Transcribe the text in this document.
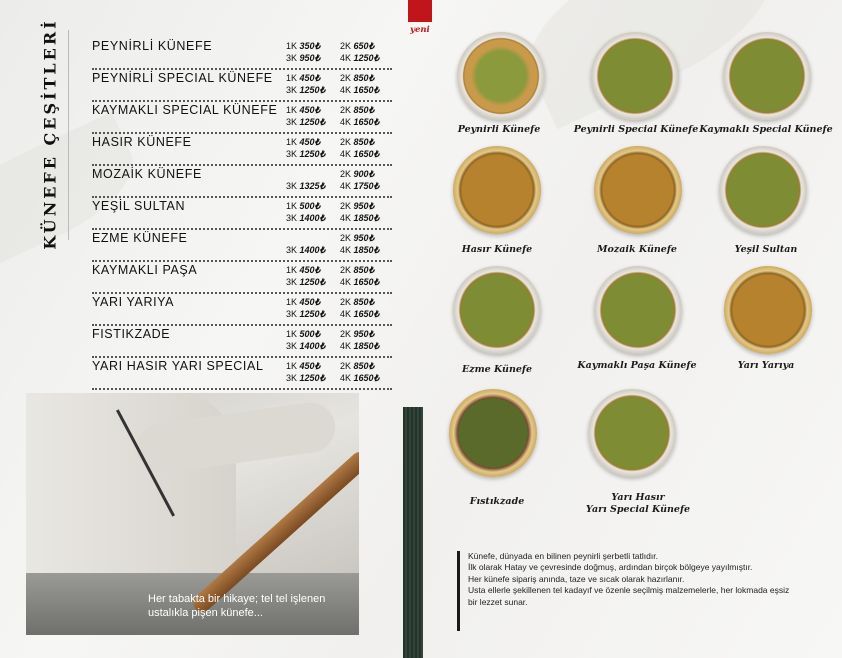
KÜNEFE ÇEŞİTLERİ	PEYNİRLİ KÜNEFE	1K 350₺ 2K 650₺
3K 950₺ 4K 1250₺
PEYNİRLİ SPECIAL KÜNEFE 1K 450₺ 2K 850₺
3K 1250₺ 4K 1650₺
KAYMAKLI SPECIAL KÜNEFE 1K 450₺ 2K 850₺
3K 1250₺ 4K 1650₺
HASIR KÜNEFE	1K 450₺ 2K 850₺
3K 1250₺ 4K 1650₺
MOZAİK KÜNEFE	2K 900₺
3K 1325₺ 4K 1750₺
YEŞİL SULTAN	1K 500₺ 2K 950₺
3K 1400₺ 4K 1850₺
EZME KÜNEFE	2K 950₺
3K 1400₺ 4K 1850₺
KAYMAKLI PAŞA	1K 450₺ 2K 850₺
3K 1250₺ 4K 1650₺
YARI YARIYA	1K 450₺ 2K 850₺
3K 1250₺ 4K 1650₺
FISTIKZADE	1K 500₺ 2K 950₺
3K 1400₺ 4K 1850₺
YARI HASIR YARI SPECIAL	1K 450₺ 2K 850₺
3K 1250₺ 4K 1650₺
Her tabakta bir hikaye; tel tel işlenen ustalıkla pişen künefe...
yeni
Peynirli Künefe	Peynirli Special Künefe Kaymaklı Special Künefe
Hasır Künefe	Mozaik Künefe	Yeşil Sultan
Ezme Künefe	Kaymaklı Paşa Künefe	Yarı Yarıya
Fıstıkzade	Yarı Hasır
Yarı Special Künefe

Künefe, dünyada en bilinen peynirli şerbetli tatlıdır.

İlk olarak Hatay ve çevresinde doğmuş, ardından birçok bölgeye yayılmıştır.

Her künefe sipariş anında, taze ve sıcak olarak hazırlanır.

Usta ellerle şekillenen tel kadayıf ve özenle seçilmiş malzemelerle, her lokmada eşsiz bir lezzet sunar.
